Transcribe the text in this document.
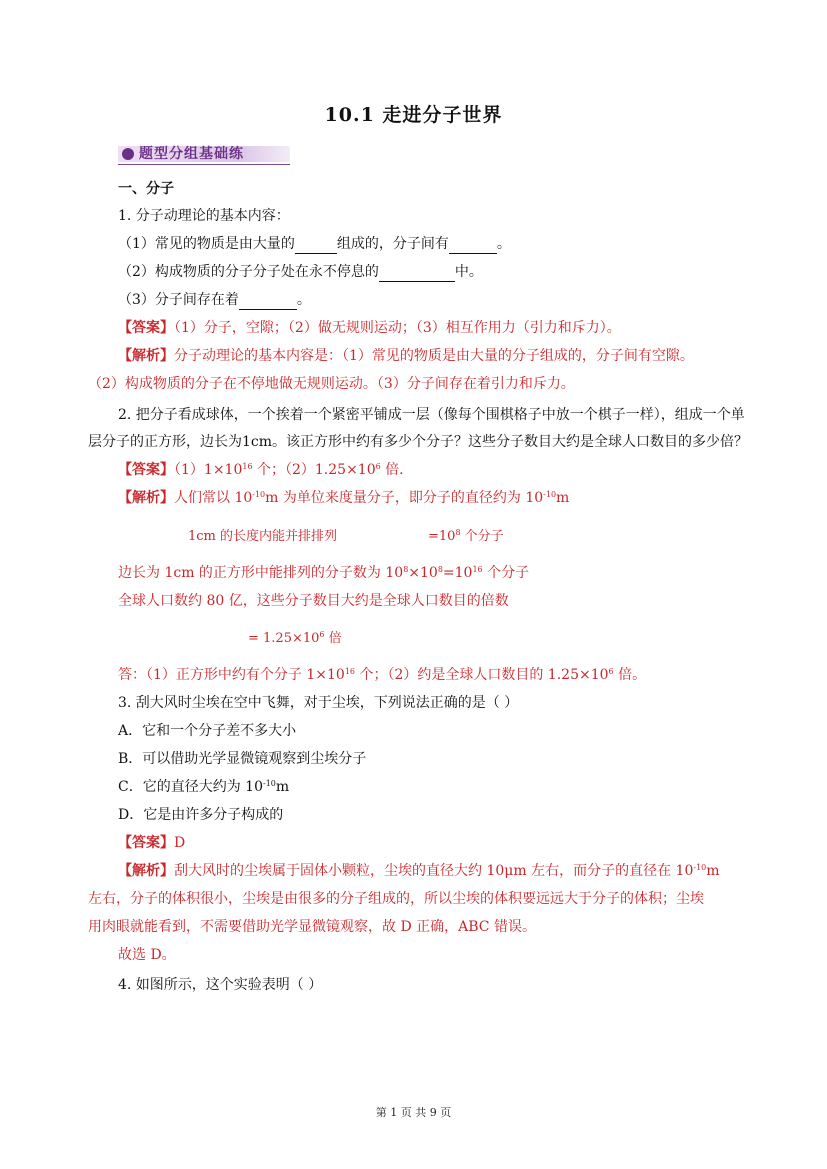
10.1 走进分子世界
题型分组基础练
一、分子
1. 分子动理论的基本内容：
（1）常见的物质是由大量的	组成的，分子间有	。
（2）构成物质的分子分子处在永不停息的	中。
（3）分子间存在着	。
【答案】（1）分子，空隙；（2）做无规则运动；（3）相互作用力（引力和斥力）。
【解析】分子动理论的基本内容是：（1）常见的物质是由大量的分子组成的，分子间有空隙。
（2）构成物质的分子在不停地做无规则运动。（3）分子间存在着引力和斥力。
2. 把分子看成球体，一个挨着一个紧密平铺成一层（像每个围棋格子中放一个棋子一样），组成一个单
层分子的正方形，边长为1cm。该正方形中约有多少个分子？这些分子数目大约是全球人口数目的多少倍？
【答案】$(1)1\times 10^{16}$ 个；$(2)1.25\times 10^6$ 倍.
【解析】人们常以 $10^{-10}m$ 为单位来度量分子，即分子的直径约为 $10^{-10}m$
1cm 的长度内能并排排列	$=10^8$ 个分子
边长为 1cm 的正方形中能排列的分子数为 $10^8\times 10^8=10^{16}$ 个分子
全球人口数约 80 亿，这些分子数目大约是全球人口数目的倍数
= $1.25\times 10^6$ 倍
答：（1）正方形中约有个分子 $1\times 10^{16}$ 个；（2）约是全球人口数目的 $1.25\times 10^6$ 倍。
3. 刮大风时尘埃在空中飞舞，对于尘埃，下列说法正确的是（ ）
A．它和一个分子差不多大小
B．可以借助光学显微镜观察到尘埃分子
C．它的直径大约为 $10^{-10}m$
D．它是由许多分子构成的
【答案】D
【解析】刮大风时的尘埃属于固体小颗粒，尘埃的直径大约 10μm 左右，而分子的直径在 $10^{-10}m$
左右，分子的体积很小，尘埃是由很多的分子组成的，所以尘埃的体积要远远大于分子的体积；尘埃
用肉眼就能看到，不需要借助光学显微镜观察，故 D 正确，ABC 错误。
故选 D。
4. 如图所示，这个实验表明（ ）
第 1 页 共 9 页
